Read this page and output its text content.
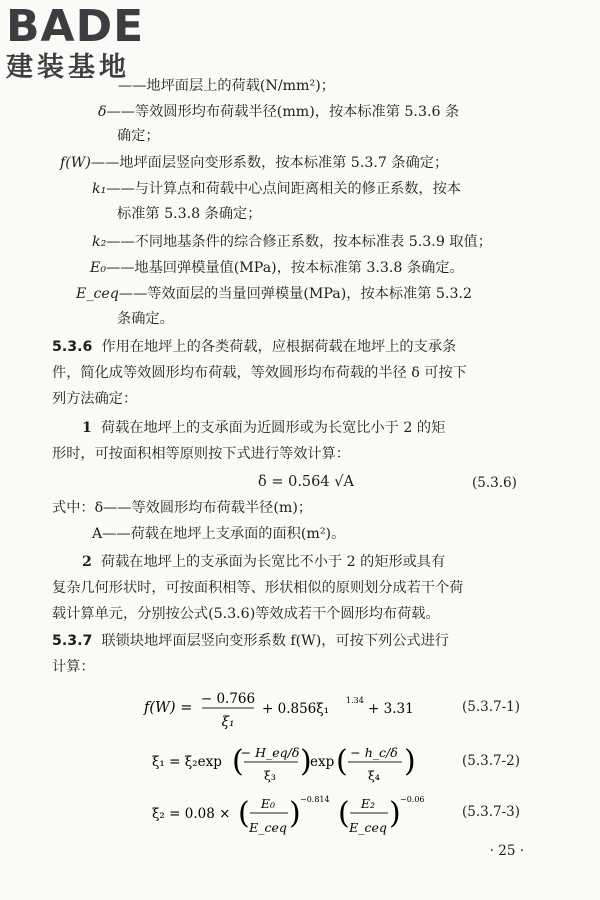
BADE
建装基地
——地坪面层上的荷载(N/mm²)；
δ——等效圆形均布荷载半径(mm)，按本标准第 5.3.6 条
确定；
f(W)——地坪面层竖向变形系数，按本标准第 5.3.7 条确定；
k₁——与计算点和荷载中心点间距离相关的修正系数，按本
标准第 5.3.8 条确定；
k₂——不同地基条件的综合修正系数，按本标准表 5.3.9 取值；
E₀——地基回弹模量值(MPa)，按本标准第 3.3.8 条确定。
E_ceq——等效面层的当量回弹模量(MPa)，按本标准第 5.3.2
条确定。
5.3.6 作用在地坪上的各类荷载，应根据荷载在地坪上的支承条
件，简化成等效圆形均布荷载，等效圆形均布荷载的半径 δ 可按下
列方法确定：
1 荷载在地坪上的支承面为近圆形或为长宽比小于 2 的矩
形时，可按面积相等原则按下式进行等效计算：
δ = 0.564 √A	(5.3.6)
式中：δ——等效圆形均布荷载半径(m)；
A——荷载在地坪上支承面的面积(m²)。
2 荷载在地坪上的支承面为长宽比不小于 2 的矩形或具有
复杂几何形状时，可按面积相等、形状相似的原则划分成若干个荷
载计算单元，分别按公式(5.3.6)等效成若干个圆形均布荷载。
5.3.7 联锁块地坪面层竖向变形系数 f(W)，可按下列公式进行
计算：
f(W) =
− 0.766
ξ₁
+ 0.856ξ₁
1.34
+ 3.31	(5.3.7-1)
ξ₁ = ξ₂exp (
− H_eq/δ
ξ₃ )
exp ( − h_c/δ
ξ₄ )	(5.3.7-2)
ξ₂ = 0.08 × ( E₀
E_ceq ) −0.814 ( E₂
E_ceq ) −0.06
(5.3.7-3)
· 25 ·
